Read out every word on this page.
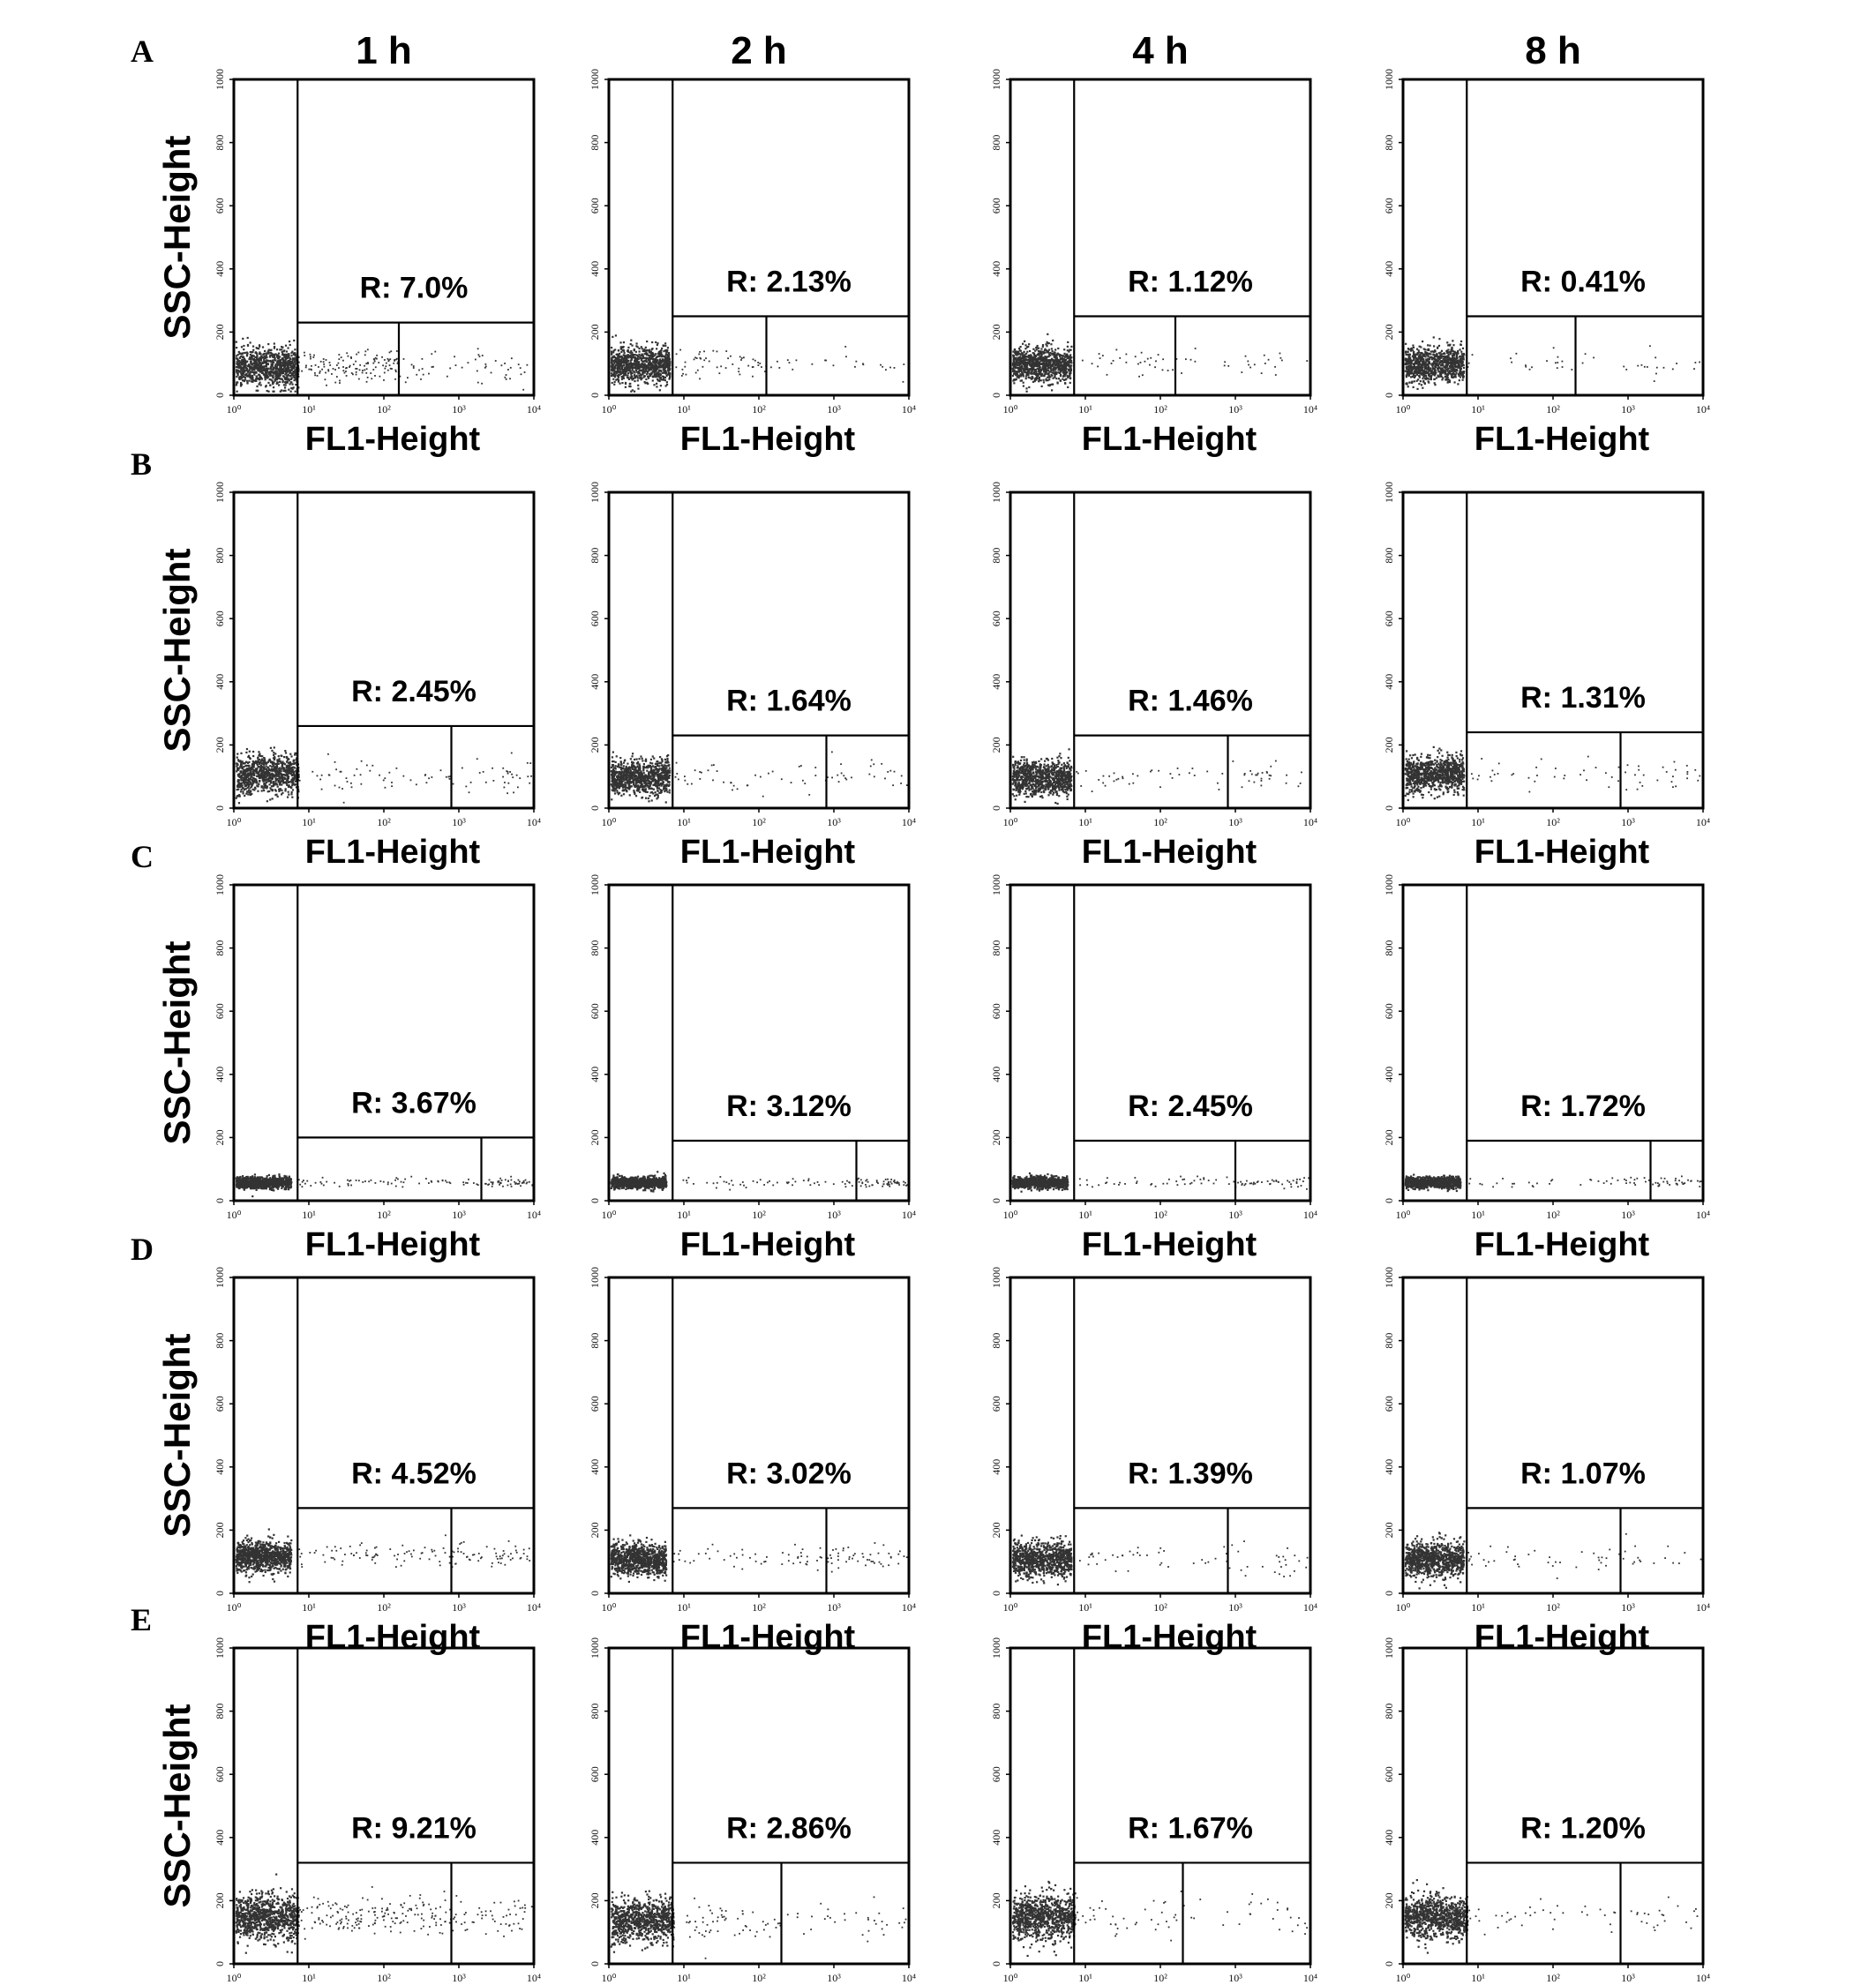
1 h	2 h	4 h	8 h
A
SSC-Height	R: 7.0%
0
200
400
600
800
1000
10⁰	10¹	10²	10³	10⁴
FL1-Height
R: 2.13%
0
200
400
600
800
1000
10⁰	10¹	10²	10³	10⁴
FL1-Height
R: 1.12%
0
200
400
600
800
1000
10⁰	10¹	10²	10³	10⁴
FL1-Height
R: 0.41%
0
200
400
600
800
1000
10⁰	10¹	10²	10³	10⁴
FL1-Height
B
SSC-Height	R: 2.45%
0
200
400
600
800
1000
10⁰	10¹	10²	10³	10⁴
FL1-Height
R: 1.64%
0
200
400
600
800
1000
10⁰	10¹	10²	10³	10⁴
FL1-Height
R: 1.46%
0
200
400
600
800
1000
10⁰	10¹	10²	10³	10⁴
FL1-Height
R: 1.31%
0
200
400
600
800
1000
10⁰	10¹	10²	10³	10⁴
FL1-Height
C
SSC-Height	R: 3.67%
0
200
400
600
800
1000
10⁰	10¹	10²	10³	10⁴
FL1-Height
R: 3.12%
0
200
400
600
800
1000
10⁰	10¹	10²	10³	10⁴
FL1-Height
R: 2.45%
0
200
400
600
800
1000
10⁰	10¹	10²	10³	10⁴
FL1-Height
R: 1.72%
0
200
400
600
800
1000
10⁰	10¹	10²	10³	10⁴
FL1-Height
D
SSC-Height	R: 4.52%
0
200
400
600
800
1000
10⁰	10¹	10²	10³	10⁴
FL1-Height
R: 3.02%
0
200
400
600
800
1000
10⁰	10¹	10²	10³	10⁴
FL1-Height
R: 1.39%
0
200
400
600
800
1000
10⁰	10¹	10²	10³	10⁴
FL1-Height
R: 1.07%
0
200
400
600
800
1000
10⁰	10¹	10²	10³	10⁴
FL1-Height
E
SSC-Height	R: 9.21%
0
200
400
600
800
1000
10⁰	10¹	10²	10³	10⁴
R: 2.86%
0
200
400
600
800
1000
10⁰	10¹	10²	10³	10⁴
R: 1.67%
0
200
400
600
800
1000
10⁰	10¹	10²	10³	10⁴
R: 1.20%
0
200
400
600
800
1000
10⁰	10¹	10²	10³	10⁴
